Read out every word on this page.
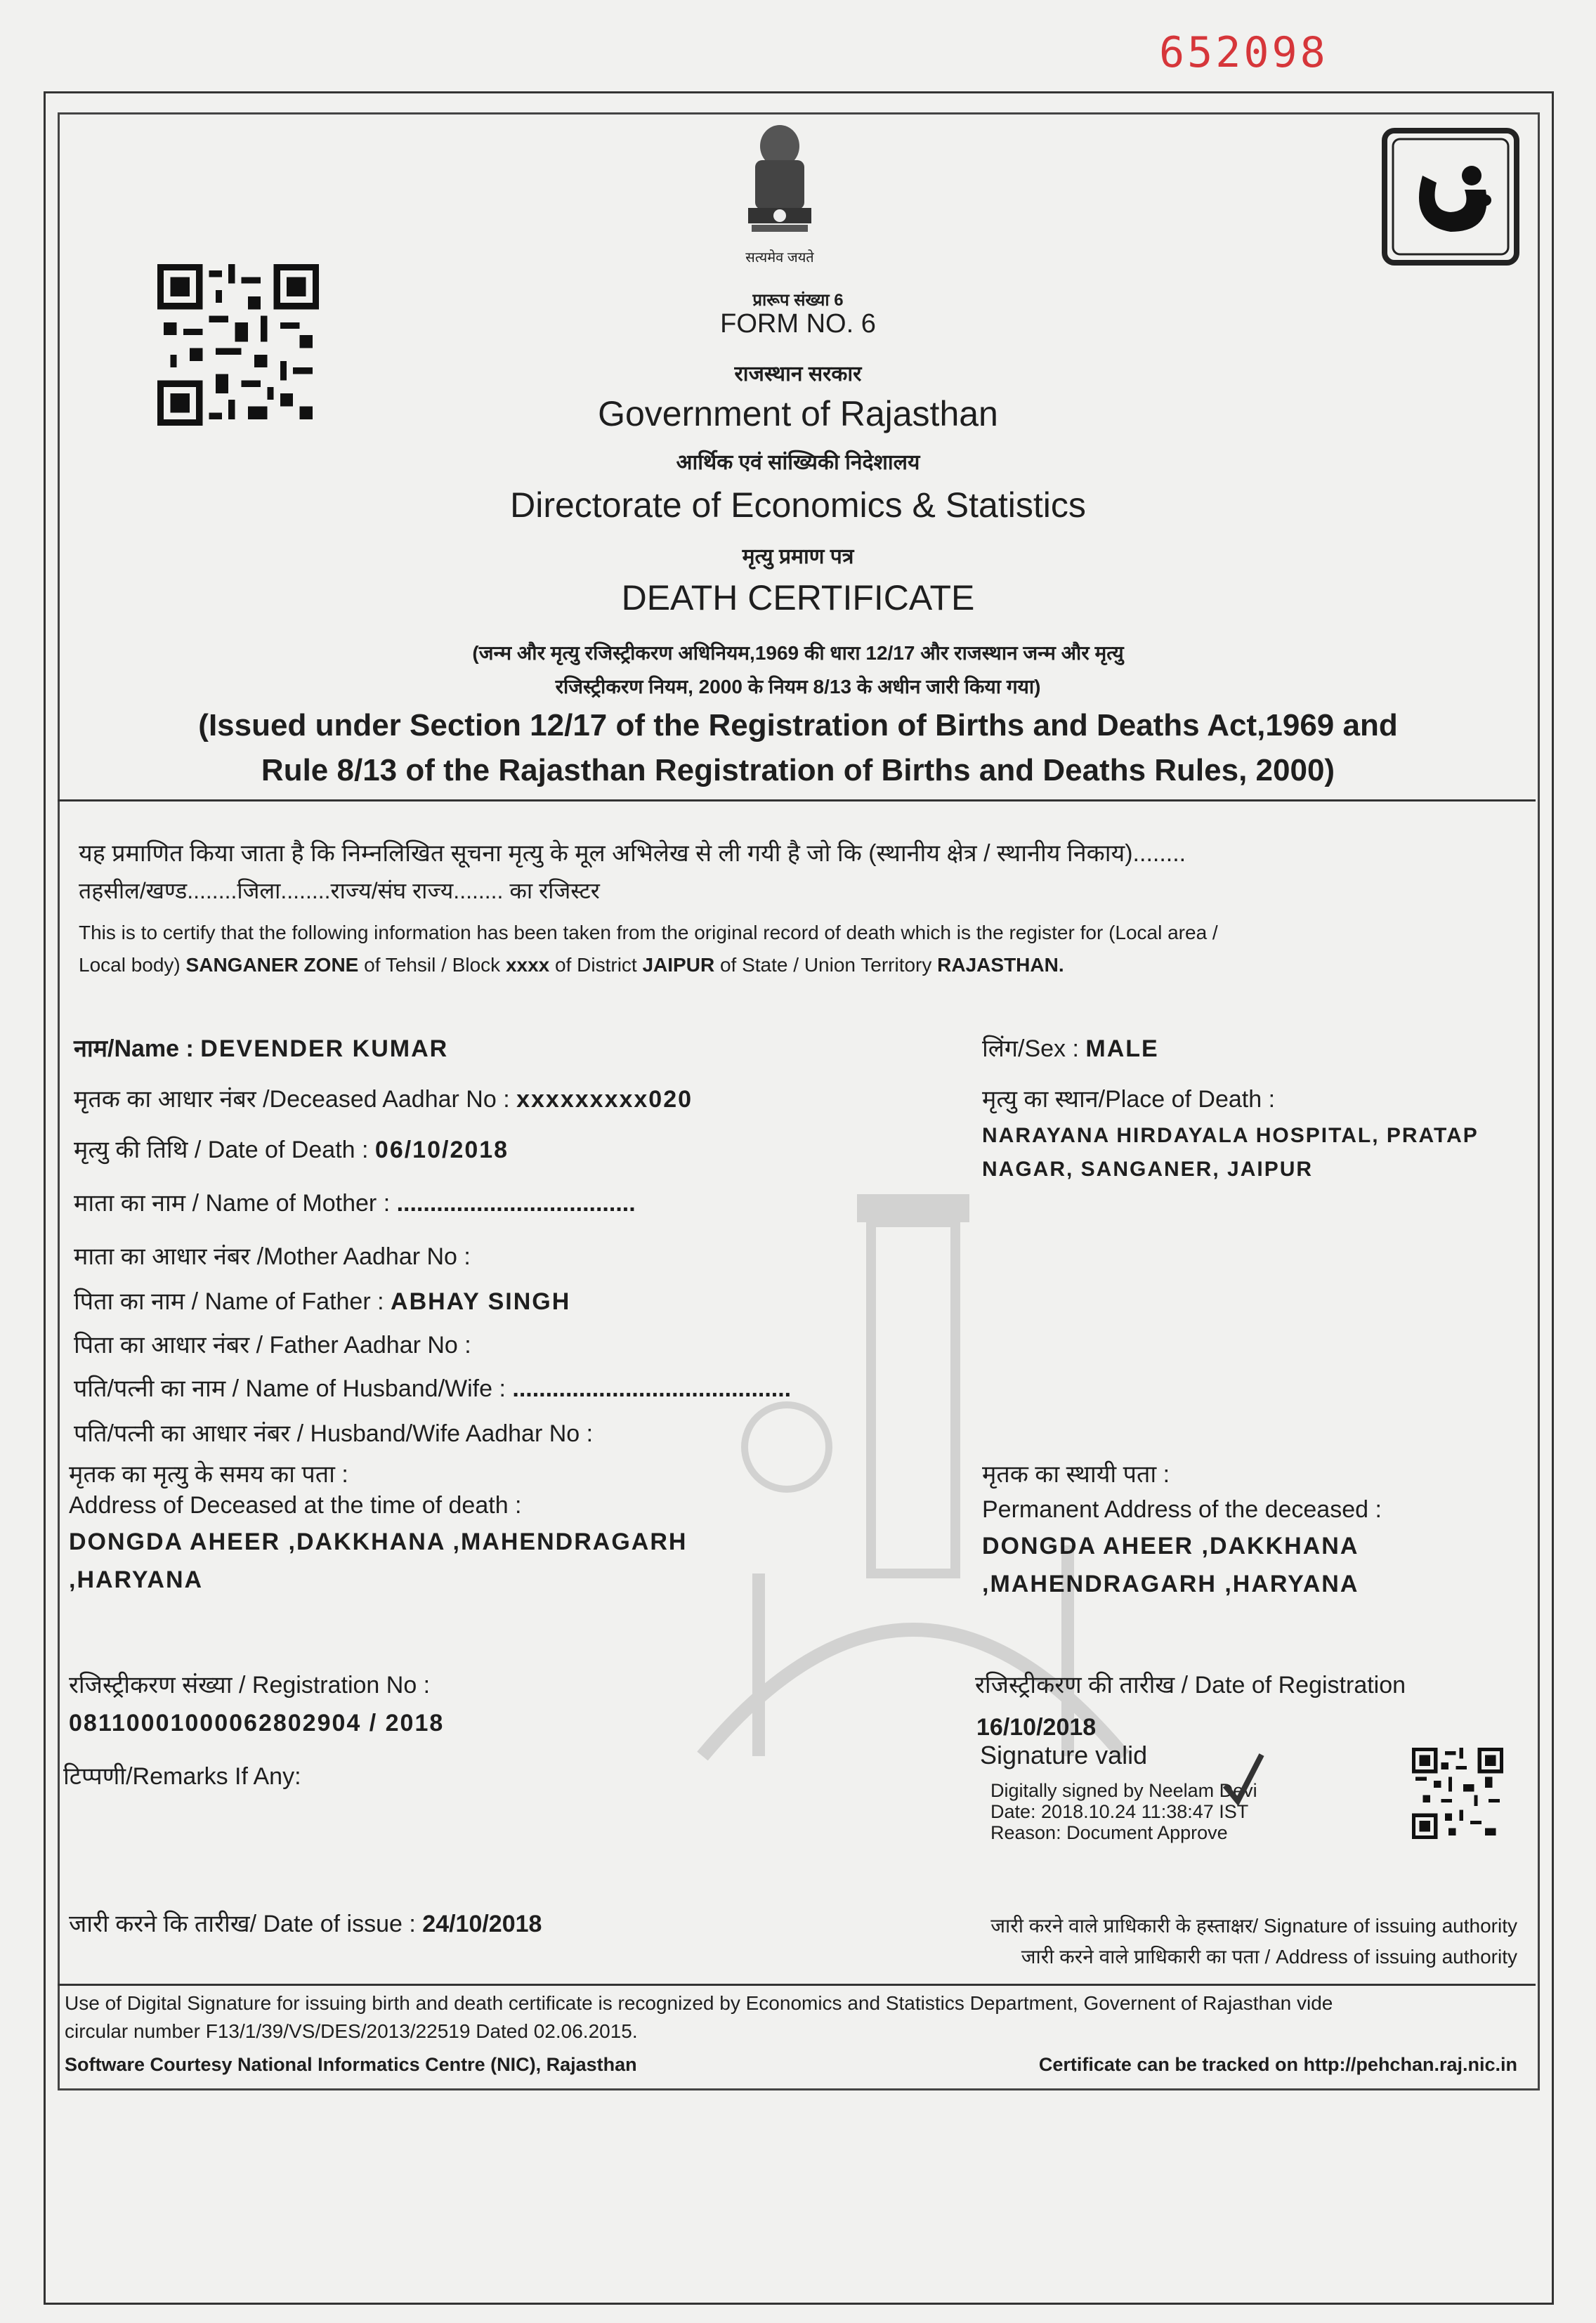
652098
सत्यमेव जयते
प्रारूप संख्या 6
FORM NO. 6
राजस्थान सरकार
Government of Rajasthan
आर्थिक एवं सांख्यिकी निदेशालय
Directorate of Economics & Statistics
मृत्यु प्रमाण पत्र
DEATH CERTIFICATE
(जन्म और मृत्यु रजिस्ट्रीकरण अधिनियम,1969 की धारा 12/17 और राजस्थान जन्म और मृत्यु
रजिस्ट्रीकरण नियम, 2000 के नियम 8/13 के अधीन जारी किया गया)
(Issued under Section 12/17 of the Registration of Births and Deaths Act,1969 and
Rule 8/13 of the Rajasthan Registration of Births and Deaths Rules, 2000)
यह प्रमाणित किया जाता है कि निम्नलिखित सूचना मृत्यु के मूल अभिलेख से ली गयी है जो कि (स्थानीय क्षेत्र / स्थानीय निकाय)........
तहसील/खण्ड........जिला........राज्य/संघ राज्य........ का रजिस्टर
This is to certify that the following information has been taken from the original record of death which is the register for (Local area /
Local body) SANGANER ZONE of Tehsil / Block xxxx of District JAIPUR of State / Union Territory RAJASTHAN.
नाम/Name : DEVENDER KUMAR
मृतक का आधार नंबर /Deceased Aadhar No : xxxxxxxxx020
मृत्यु की तिथि / Date of Death : 06/10/2018
माता का नाम / Name of Mother : ....................................
माता का आधार नंबर /Mother Aadhar No :
पिता का नाम / Name of Father : ABHAY SINGH
पिता का आधार नंबर / Father Aadhar No :
पति/पत्नी का नाम / Name of Husband/Wife : ..........................................
पति/पत्नी का आधार नंबर / Husband/Wife Aadhar No :
मृतक का मृत्यु के समय का पता :
Address of Deceased at the time of death :
DONGDA AHEER ,DAKKHANA ,MAHENDRAGARH
,HARYANA
लिंग/Sex : MALE
मृत्यु का स्थान/Place of Death :
NARAYANA HIRDAYALA HOSPITAL, PRATAP
NAGAR, SANGANER, JAIPUR
मृतक का स्थायी पता :
Permanent Address of the deceased :
DONGDA AHEER ,DAKKHANA
,MAHENDRAGARH ,HARYANA
रजिस्ट्रीकरण संख्या / Registration No :
08110001000062802904 / 2018
टिप्पणी/Remarks If Any:
रजिस्ट्रीकरण की तारीख / Date of Registration
16/10/2018
Signature valid
Digitally signed by Neelam Devi
Date: 2018.10.24 11:38:47 IST
Reason: Document Approve
जारी करने कि तारीख/ Date of issue : 24/10/2018	जारी करने वाले प्राधिकारी के हस्ताक्षर/ Signature of issuing authority
जारी करने वाले प्राधिकारी का पता / Address of issuing authority
Use of Digital Signature for issuing birth and death certificate is recognized by Economics and Statistics Department, Governent of Rajasthan vide
circular number F13/1/39/VS/DES/2013/22519 Dated 02.06.2015.
Software Courtesy National Informatics Centre (NIC), Rajasthan	Certificate can be tracked on http://pehchan.raj.nic.in
